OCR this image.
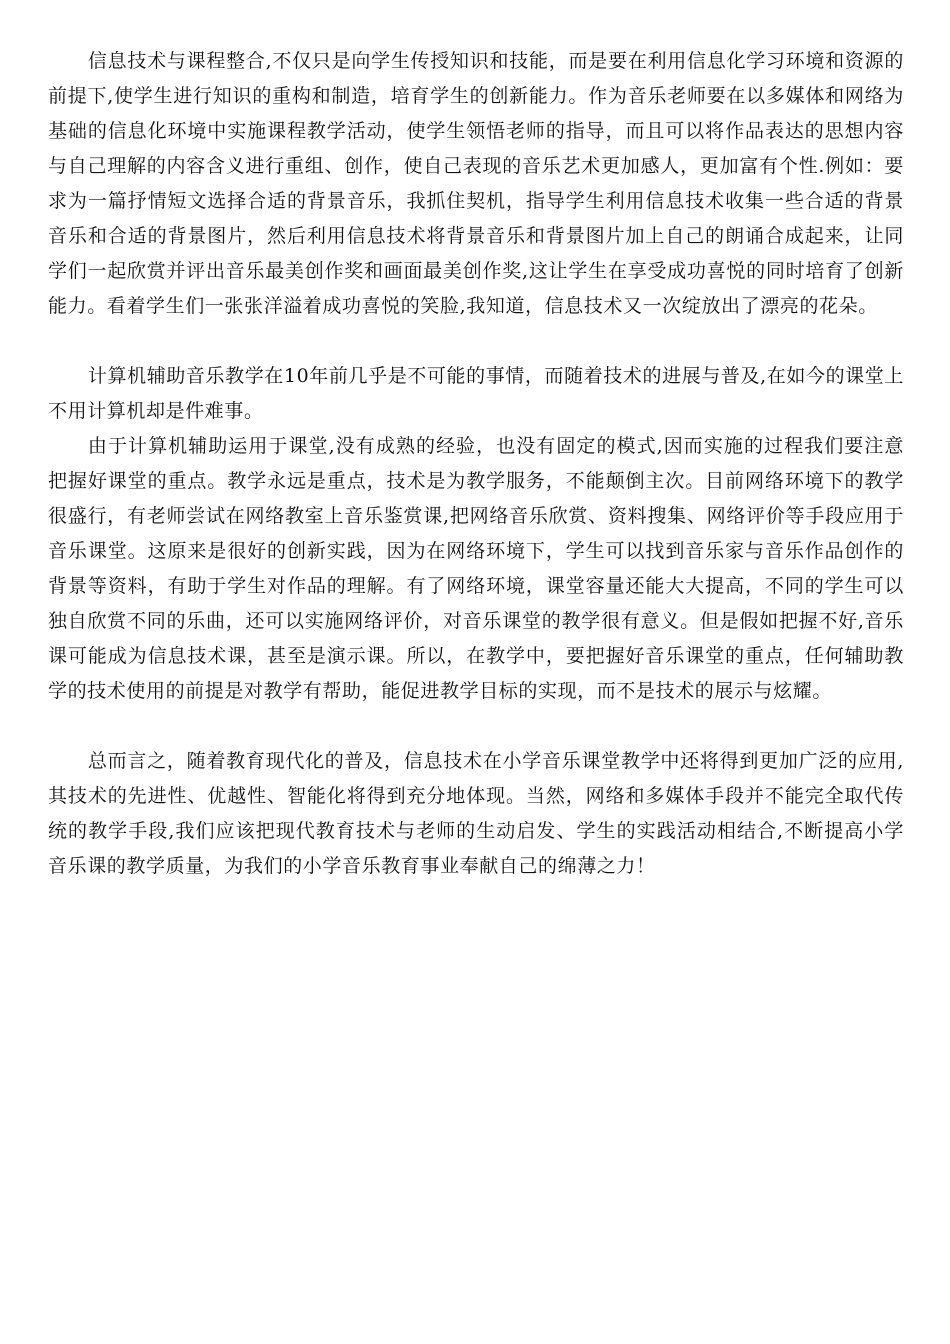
信息技术与课程整合,不仅只是向学生传授知识和技能，而是要在利用信息化学习环境和资源的前提下,使学生进行知识的重构和制造，培育学生的创新能力。作为音乐老师要在以多媒体和网络为基础的信息化环境中实施课程教学活动，使学生领悟老师的指导，而且可以将作品表达的思想内容与自己理解的内容含义进行重组、创作，使自己表现的音乐艺术更加感人，更加富有个性.例如：要求为一篇抒情短文选择合适的背景音乐，我抓住契机，指导学生利用信息技术收集一些合适的背景音乐和合适的背景图片，然后利用信息技术将背景音乐和背景图片加上自己的朗诵合成起来，让同学们一起欣赏并评出音乐最美创作奖和画面最美创作奖,这让学生在享受成功喜悦的同时培育了创新能力。看着学生们一张张洋溢着成功喜悦的笑脸,我知道，信息技术又一次绽放出了漂亮的花朵。

计算机辅助音乐教学在10年前几乎是不可能的事情，而随着技术的进展与普及,在如今的课堂上不用计算机却是件难事。

由于计算机辅助运用于课堂,没有成熟的经验，也没有固定的模式,因而实施的过程我们要注意把握好课堂的重点。教学永远是重点，技术是为教学服务，不能颠倒主次。目前网络环境下的教学很盛行，有老师尝试在网络教室上音乐鉴赏课,把网络音乐欣赏、资料搜集、网络评价等手段应用于音乐课堂。这原来是很好的创新实践，因为在网络环境下，学生可以找到音乐家与音乐作品创作的背景等资料，有助于学生对作品的理解。有了网络环境，课堂容量还能大大提高，不同的学生可以独自欣赏不同的乐曲，还可以实施网络评价，对音乐课堂的教学很有意义。但是假如把握不好,音乐课可能成为信息技术课，甚至是演示课。所以，在教学中，要把握好音乐课堂的重点，任何辅助教学的技术使用的前提是对教学有帮助，能促进教学目标的实现，而不是技术的展示与炫耀。

总而言之，随着教育现代化的普及，信息技术在小学音乐课堂教学中还将得到更加广泛的应用,其技术的先进性、优越性、智能化将得到充分地体现。当然，网络和多媒体手段并不能完全取代传统的教学手段,我们应该把现代教育技术与老师的生动启发、学生的实践活动相结合,不断提高小学音乐课的教学质量，为我们的小学音乐教育事业奉献自己的绵薄之力！
